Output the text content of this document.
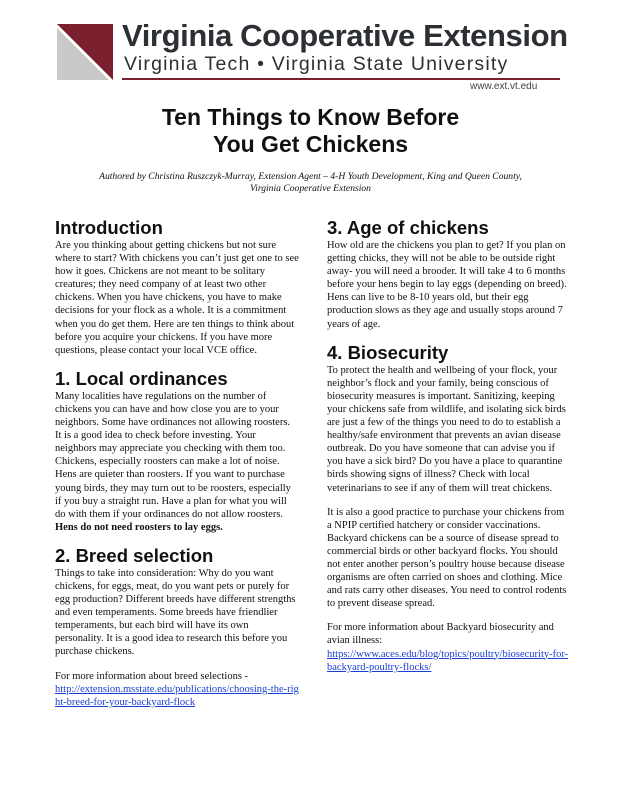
Virginia Cooperative Extension
Virginia Tech • Virginia State University
www.ext.vt.edu
Ten Things to Know Before
You Get Chickens
Authored by Christina Ruszczyk-Murray, Extension Agent – 4-H Youth Development, King and Queen County,
Virginia Cooperative Extension
Introduction

Are you thinking about getting chickens but not sure where to start? With chickens you can’t just get one to see how it goes. Chickens are not meant to be solitary creatures; they need company of at least two other chickens. When you have chickens, you have to make decisions for your flock as a whole. It is a commitment when you do get them. Here are ten things to think about before you acquire your chickens. If you have more questions, please contact your local VCE office.

1. Local ordinances

Many localities have regulations on the number of chickens you can have and how close you are to your neighbors. Some have ordinances not allowing roosters. It is a good idea to check before investing. Your neighbors may appreciate you checking with them too. Chickens, especially roosters can make a lot of noise. Hens are quieter than roosters. If you want to purchase young birds, they may turn out to be roosters, especially if you buy a straight run. Have a plan for what you will do with them if your ordinances do not allow roosters. Hens do not need roosters to lay eggs.

2. Breed selection

Things to take into consideration: Why do you want chickens, for eggs, meat, do you want pets or purely for egg production? Different breeds have different strengths and even temperaments. Some breeds have friendlier temperaments, but each bird will have its own personality. It is a good idea to research this before you purchase chickens.

For more information about breed selections -

http://extension.msstate.edu/publications/choosing-the-right-breed-for-your-backyard-flock
3. Age of chickens

How old are the chickens you plan to get? If you plan on getting chicks, they will not be able to be outside right away- you will need a brooder. It will take 4 to 6 months before your hens begin to lay eggs (depending on breed). Hens can live to be 8-10 years old, but their egg production slows as they age and usually stops around 7 years of age.

4. Biosecurity

To protect the health and wellbeing of your flock, your neighbor’s flock and your family, being conscious of biosecurity measures is important. Sanitizing, keeping your chickens safe from wildlife, and isolating sick birds are just a few of the things you need to do to establish a healthy/safe environment that prevents an avian disease outbreak. Do you have someone that can advise you if you have a sick bird? Do you have a place to quarantine birds showing signs of illness? Check with local veterinarians to see if any of them will treat chickens.

It is also a good practice to purchase your chickens from a NPIP certified hatchery or consider vaccinations. Backyard chickens can be a source of disease spread to commercial birds or other backyard flocks. You should not enter another person’s poultry house because disease organisms are often carried on shoes and clothing. Mice and rats carry other diseases. You need to control rodents to prevent disease spread.

For more information about Backyard biosecurity and avian illness:

https://www.aces.edu/blog/topics/poultry/biosecurity-for-backyard-poultry-flocks/
